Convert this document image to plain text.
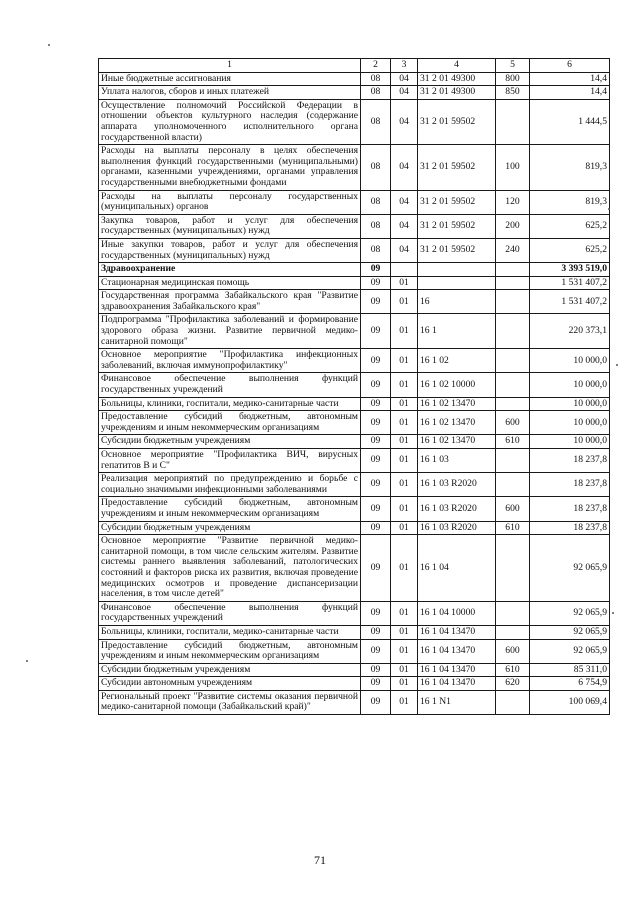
1	2	3	4	5	6
Иные бюджетные ассигнования	08	04	31 2 01 49300	800	14,4
Уплата налогов, сборов и иных платежей	08	04	31 2 01 49300	850	14,4
Осуществление полномочий Российской Федерации в отношении объектов культурного наследия (содержание аппарата уполномоченного исполнительного органа государственной власти)	08	04	31 2 01 59502		1 444,5
Расходы на выплаты персоналу в целях обеспечения выполнения функций государственными (муниципальными) органами, казенными учреждениями, органами управления государственными внебюджетными фондами	08	04	31 2 01 59502	100	819,3
Расходы на выплаты персоналу государственных (муниципальных) органов	08	04	31 2 01 59502	120	819,3
Закупка товаров, работ и услуг для обеспечения государственных (муниципальных) нужд	08	04	31 2 01 59502	200	625,2
Иные закупки товаров, работ и услуг для обеспечения государственных (муниципальных) нужд	08	04	31 2 01 59502	240	625,2
Здравоохранение	09				3 393 519,0
Стационарная медицинская помощь	09	01			1 531 407,2
Государственная программа Забайкальского края "Развитие здравоохранения Забайкальского края"	09	01	16		1 531 407,2
Подпрограмма "Профилактика заболеваний и формирование здорового образа жизни. Развитие первичной медико-санитарной помощи"	09	01	16 1		220 373,1
Основное мероприятие "Профилактика инфекционных заболеваний, включая иммунопрофилактику"	09	01	16 1 02		10 000,0
Финансовое обеспечение выполнения функций государственных учреждений	09	01	16 1 02 10000		10 000,0
Больницы, клиники, госпитали, медико-санитарные части	09	01	16 1 02 13470		10 000,0
Предоставление субсидий бюджетным, автономным учреждениям и иным некоммерческим организациям	09	01	16 1 02 13470	600	10 000,0
Субсидии бюджетным учреждениям	09	01	16 1 02 13470	610	10 000,0
Основное мероприятие "Профилактика ВИЧ, вирусных гепатитов В и С"	09	01	16 1 03		18 237,8
Реализация мероприятий по предупреждению и борьбе с социально значимыми инфекционными заболеваниями	09	01	16 1 03 R2020		18 237,8
Предоставление субсидий бюджетным, автономным учреждениям и иным некоммерческим организациям	09	01	16 1 03 R2020	600	18 237,8
Субсидии бюджетным учреждениям	09	01	16 1 03 R2020	610	18 237,8
Основное мероприятие "Развитие первичной медико-санитарной помощи, в том числе сельским жителям. Развитие системы раннего выявления заболеваний, патологических состояний и факторов риска их развития, включая проведение медицинских осмотров и проведение диспансеризации населения, в том числе детей"	09	01	16 1 04		92 065,9
Финансовое обеспечение выполнения функций государственных учреждений	09	01	16 1 04 10000		92 065,9
Больницы, клиники, госпитали, медико-санитарные части	09	01	16 1 04 13470		92 065,9
Предоставление субсидий бюджетным, автономным учреждениям и иным некоммерческим организациям	09	01	16 1 04 13470	600	92 065,9
Субсидии бюджетным учреждениям	09	01	16 1 04 13470	610	85 311,0
Субсидии автономным учреждениям	09	01	16 1 04 13470	620	6 754,9
Региональный проект "Развитие системы оказания первичной медико-санитарной помощи (Забайкальский край)"	09	01	16 1 N1		100 069,4
71
